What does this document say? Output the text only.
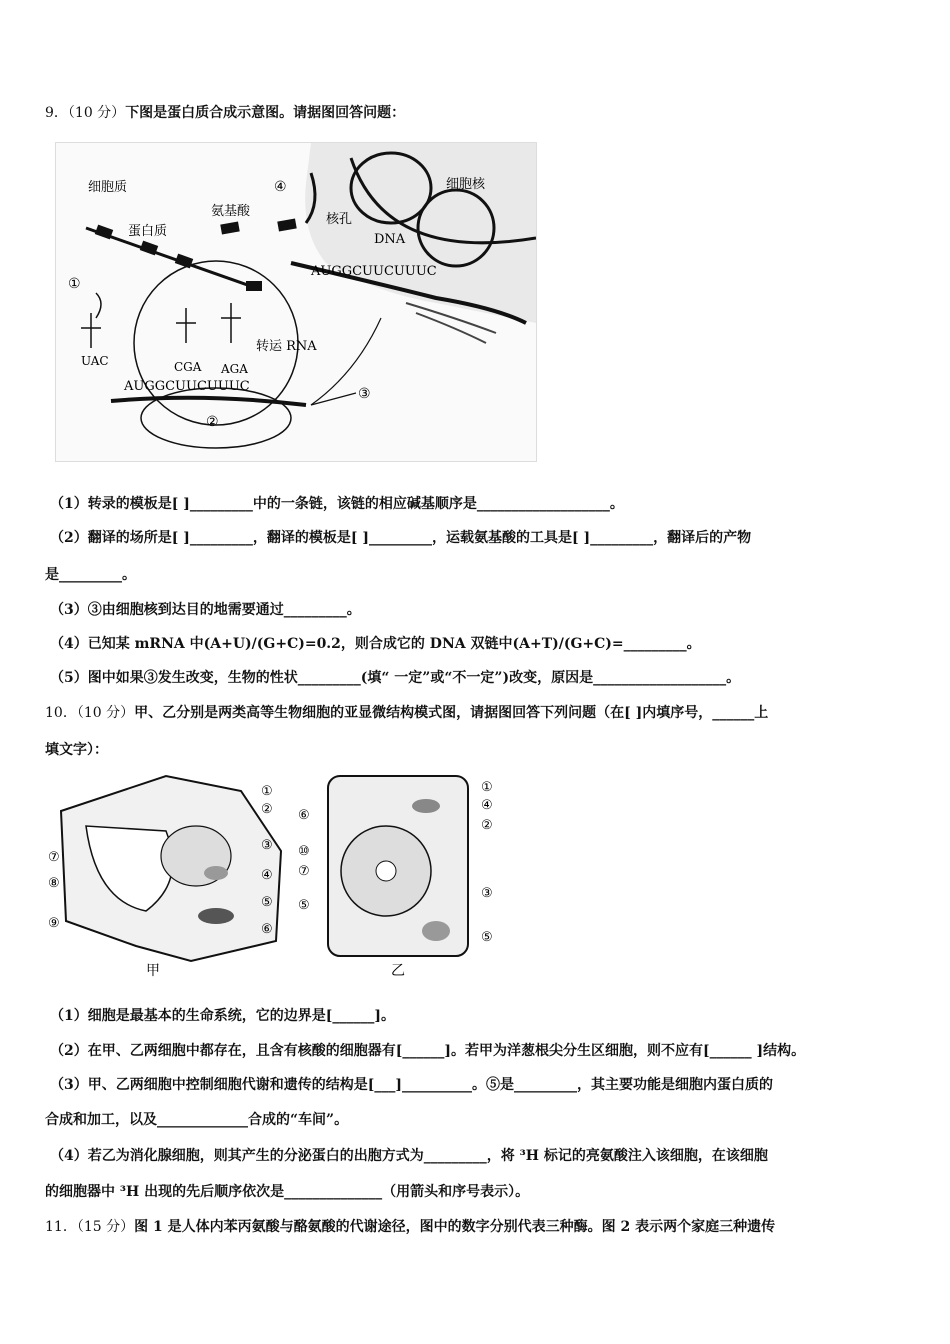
9．（10 分）下图是蛋白质合成示意图。请据图回答问题：
AUGGCUUCUUUC
UAC	CGA AGA
AUGGCUUCUUUC
细胞质
蛋白质
氨基酸
细胞核
核孔
DNA
转运 RNA
①
②
③
④
（1）转录的模板是[ ]_________中的一条链，该链的相应碱基顺序是___________________。
（2）翻译的场所是[ ]_________，翻译的模板是[ ]_________，运载氨基酸的工具是[ ]_________，翻译后的产物
是_________。
（3）③由细胞核到达目的地需要通过_________。
（4）已知某 mRNA 中(A+U)/(G+C)=0.2，则合成它的 DNA 双链中(A+T)/(G+C)=_________。
（5）图中如果③发生改变，生物的性状_________(填“ 一定”或“不一定”)改变，原因是___________________。
10．（10 分）甲、乙分别是两类高等生物细胞的亚显微结构模式图，请据图回答下列问题（在[ ]内填序号，______上
填文字）：
①
②
③
④
⑤
⑥
⑦
⑧
⑨
甲
①
④
②
⑥
⑩
⑦
③
⑤
⑤
乙
（1）细胞是最基本的生命系统，它的边界是[______]。
（2）在甲、乙两细胞中都存在，且含有核酸的细胞器有[______]。若甲为洋葱根尖分生区细胞，则不应有[______ ]结构。
（3）甲、乙两细胞中控制细胞代谢和遗传的结构是[___]__________。⑤是_________，其主要功能是细胞内蛋白质的
合成和加工，以及_____________合成的“车间”。
（4）若乙为消化腺细胞，则其产生的分泌蛋白的出胞方式为_________，将 ³H 标记的亮氨酸注入该细胞，在该细胞
的细胞器中 ³H 出现的先后顺序依次是______________（用箭头和序号表示）。
11．（15 分）图 1 是人体内苯丙氨酸与酪氨酸的代谢途径，图中的数字分别代表三种酶。图 2 表示两个家庭三种遗传
